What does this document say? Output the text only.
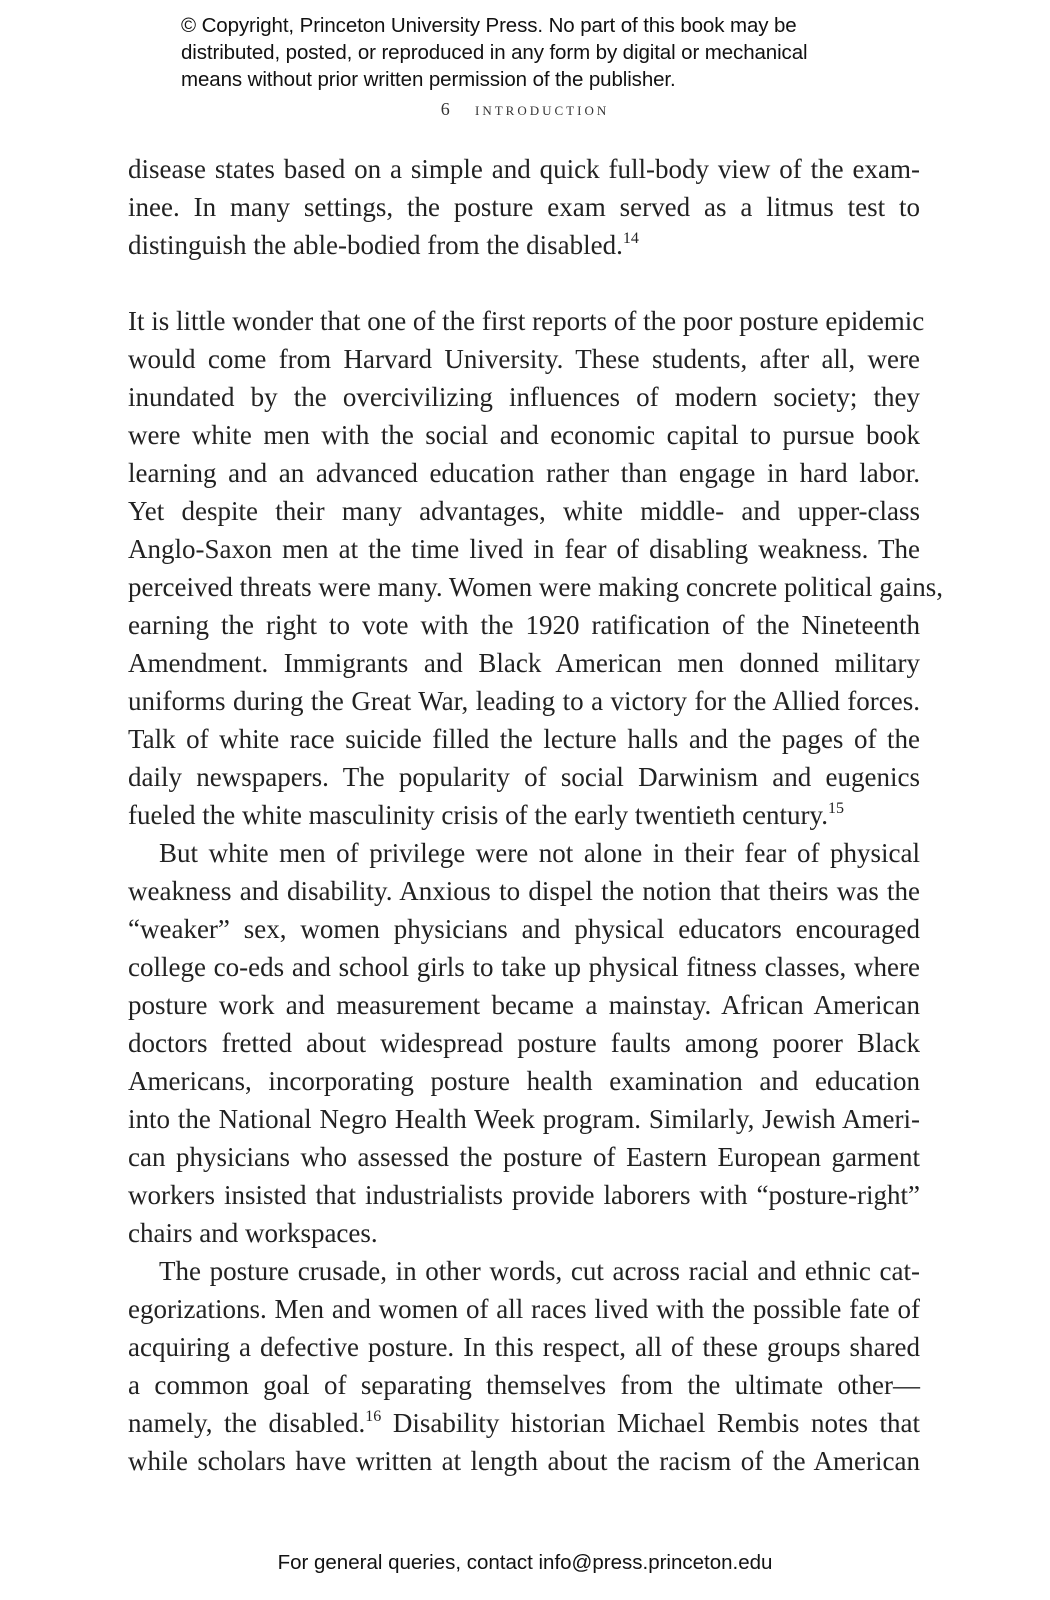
© Copyright, Princeton University Press. No part of this book may be
distributed, posted, or reproduced in any form by digital or mechanical
means without prior written permission of the publisher.
6 introduction
disease states based on a simple and quick full-body view of the exam-
inee. In many settings, the posture exam served as a litmus test to
distinguish the able-bodied from the disabled.$^{14}$
It is little wonder that one of the first reports of the poor posture epidemic
would come from Harvard University. These students, after all, were
inundated by the overcivilizing influences of modern society; they
were white men with the social and economic capital to pursue book
learning and an advanced education rather than engage in hard labor.
Yet despite their many advantages, white middle- and upper-class
Anglo-Saxon men at the time lived in fear of disabling weakness. The
perceived threats were many. Women were making concrete political gains,
earning the right to vote with the 1920 ratification of the Nineteenth
Amendment. Immigrants and Black American men donned military
uniforms during the Great War, leading to a victory for the Allied forces.
Talk of white race suicide filled the lecture halls and the pages of the
daily newspapers. The popularity of social Darwinism and eugenics
fueled the white masculinity crisis of the early twentieth century.$^{15}$
But white men of privilege were not alone in their fear of physical
weakness and disability. Anxious to dispel the notion that theirs was the
“weaker” sex, women physicians and physical educators encouraged
college co-eds and school girls to take up physical fitness classes, where
posture work and measurement became a mainstay. African American
doctors fretted about widespread posture faults among poorer Black
Americans, incorporating posture health examination and education
into the National Negro Health Week program. Similarly, Jewish Ameri-
can physicians who assessed the posture of Eastern European garment
workers insisted that industrialists provide laborers with “posture-right”
chairs and workspaces.
The posture crusade, in other words, cut across racial and ethnic cat-
egorizations. Men and women of all races lived with the possible fate of
acquiring a defective posture. In this respect, all of these groups shared
a common goal of separating themselves from the ultimate other—
namely, the disabled.$^{16}$ Disability historian Michael Rembis notes that
while scholars have written at length about the racism of the American
For general queries, contact info@press.princeton.edu
